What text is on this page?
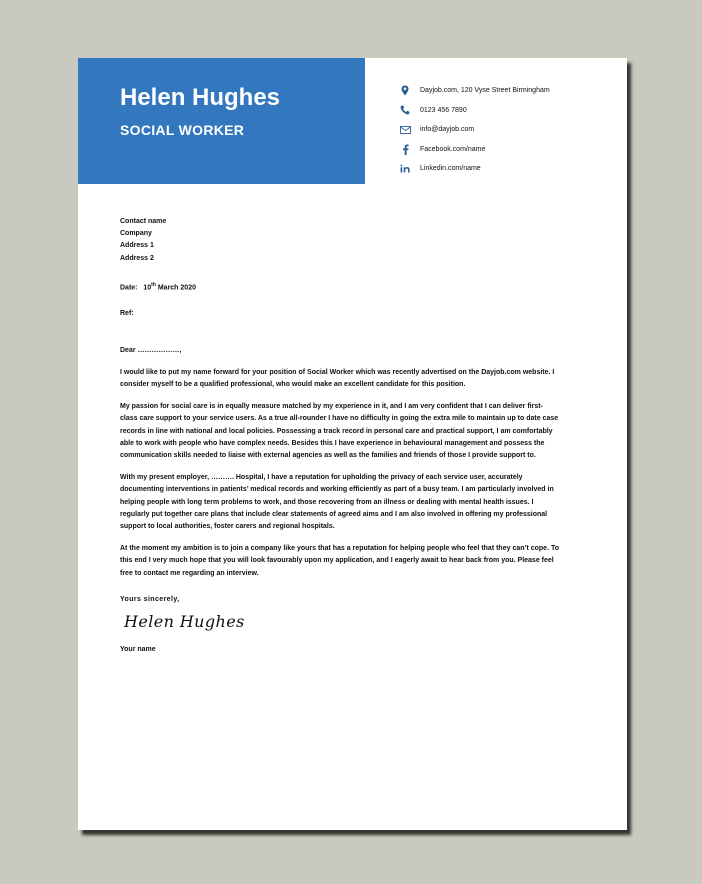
Helen Hughes
SOCIAL WORKER
Dayjob.com, 120 Vyse Street Birmingham
0123 456 7890
info@dayjob.com
Facebook.com/name
Linkedin.com/name
Contact name
Company
Address 1
Address 2
Date: 10th March 2020
Ref:
Dear ………………,
I would like to put my name forward for your position of Social Worker which was recently advertised on the Dayjob.com website. I consider myself to be a qualified professional, who would make an excellent candidate for this position.
My passion for social care is in equally measure matched by my experience in it, and I am very confident that I can deliver first-class care support to your service users. As a true all-rounder I have no difficulty in going the extra mile to maintain up to date case records in line with national and local policies. Possessing a track record in personal care and practical support, I am comfortably able to work with people who have complex needs. Besides this I have experience in behavioural management and possess the communication skills needed to liaise with external agencies as well as the families and friends of those I provide support to.
With my present employer, ………. Hospital, I have a reputation for upholding the privacy of each service user, accurately documenting interventions in patients’ medical records and working efficiently as part of a busy team. I am particularly involved in helping people with long term problems to work, and those recovering from an illness or dealing with mental health issues. I regularly put together care plans that include clear statements of agreed aims and I am also involved in offering my professional support to local authorities, foster carers and regional hospitals.
At the moment my ambition is to join a company like yours that has a reputation for helping people who feel that they can’t cope. To this end I very much hope that you will look favourably upon my application, and I eagerly await to hear back from you. Please feel free to contact me regarding an interview.
Yours sincerely,
Helen Hughes
Your name
